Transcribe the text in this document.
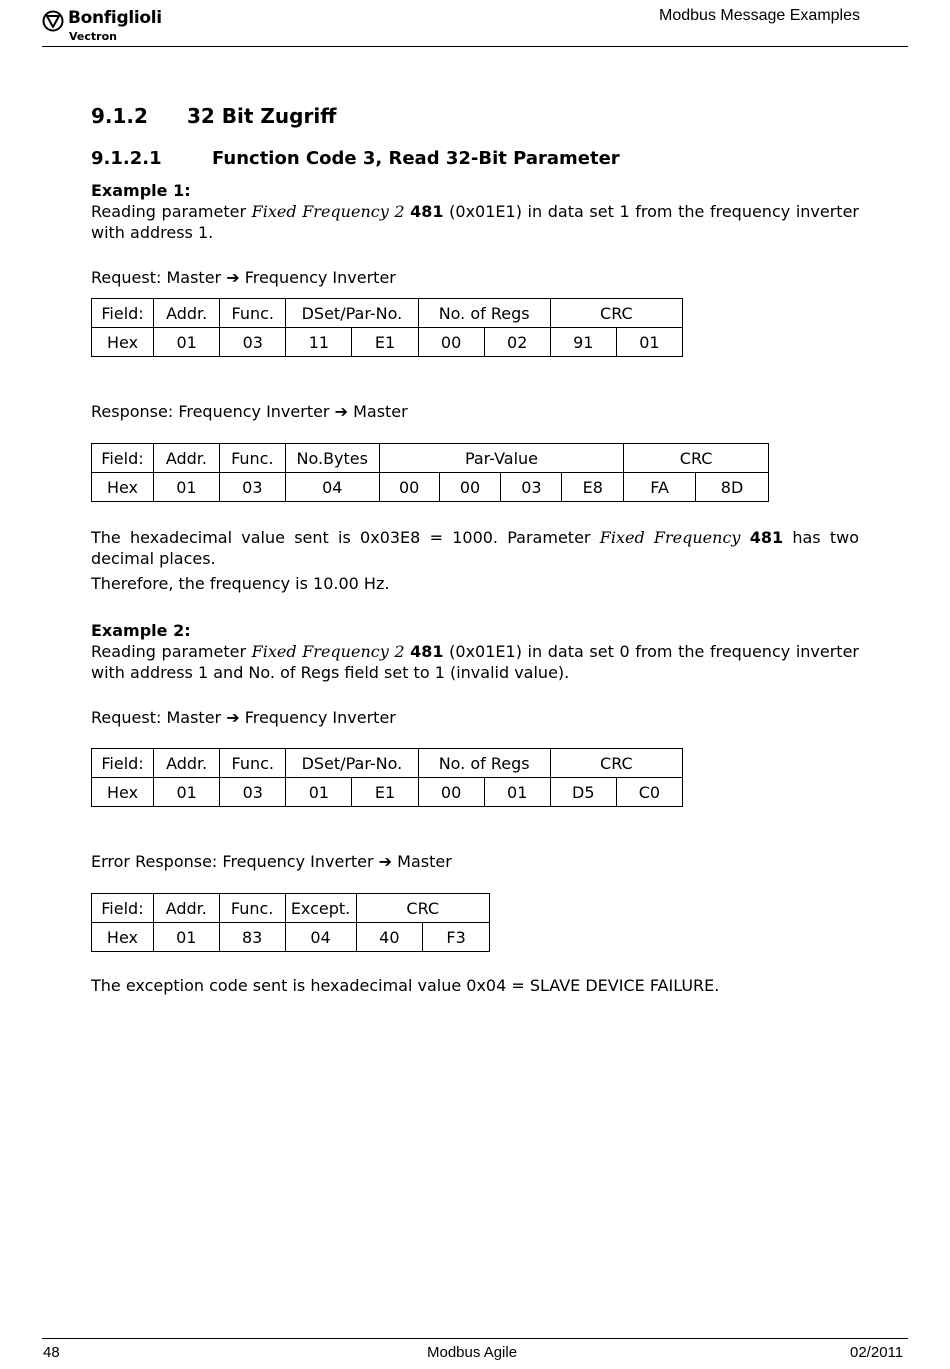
Bonfiglioli
Vectron
Modbus Message Examples
9.1.2 32 Bit Zugriff
9.1.2.1	Function Code 3, Read 32-Bit Parameter
Example 1:
Reading parameter Fixed Frequency 2 481 (0x01E1) in data set 1 from the frequency inverter with address 1.
Request: Master ➔ Frequency Inverter
Field:	Addr.	Func.	DSet/Par-No.		No. of Regs		CRC	
Hex	01	03	11	E1	00	02	91	01
Response: Frequency Inverter ➔ Master
Field:	Addr.	Func.	No.Bytes	Par-Value				CRC	
Hex	01	03	04	00	00	03	E8	FA	8D
The hexadecimal value sent is 0x03E8 = 1000. Parameter Fixed Frequency 481 has two decimal places.
Therefore, the frequency is 10.00 Hz.
Example 2:
Reading parameter Fixed Frequency 2 481 (0x01E1) in data set 0 from the frequency inverter with address 1 and No. of Regs field set to 1 (invalid value).
Request: Master ➔ Frequency Inverter
Field:	Addr.	Func.	DSet/Par-No.		No. of Regs		CRC	
Hex	01	03	01	E1	00	01	D5	C0
Error Response: Frequency Inverter ➔ Master
Field:	Addr.	Func.	Except.	CRC	
Hex	01	83	04	40	F3
The exception code sent is hexadecimal value 0x04 = SLAVE DEVICE FAILURE.
48	Modbus Agile	02/2011
